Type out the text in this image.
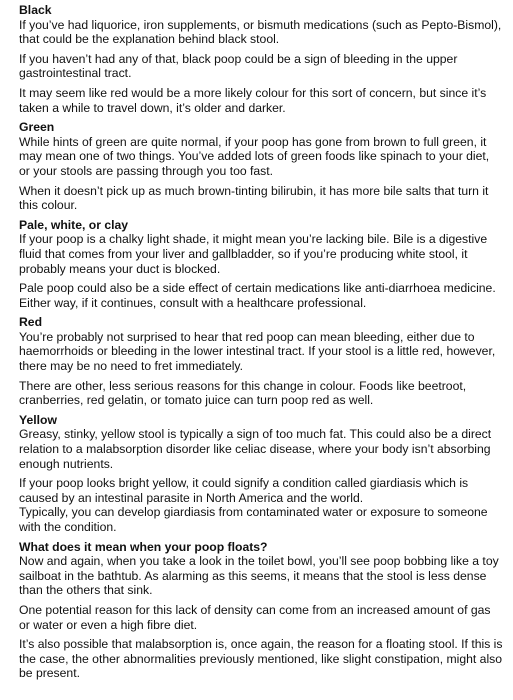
Black

If you’ve had liquorice, iron supplements, or bismuth medications (such as Pepto-Bismol), that could be the explanation behind black stool.

If you haven’t had any of that, black poop could be a sign of bleeding in the upper gastrointestinal tract.

It may seem like red would be a more likely colour for this sort of concern, but since it’s taken a while to travel down, it’s older and darker.

Green

While hints of green are quite normal, if your poop has gone from brown to full green, it may mean one of two things. You’ve added lots of green foods like spinach to your diet, or your stools are passing through you too fast.

When it doesn’t pick up as much brown-tinting bilirubin, it has more bile salts that turn it this colour.

Pale, white, or clay

If your poop is a chalky light shade, it might mean you’re lacking bile. Bile is a digestive fluid that comes from your liver and gallbladder, so if you’re producing white stool, it probably means your duct is blocked.

Pale poop could also be a side effect of certain medications like anti-diarrhoea medicine. Either way, if it continues, consult with a healthcare professional.

Red

You’re probably not surprised to hear that red poop can mean bleeding, either due to haemorrhoids or bleeding in the lower intestinal tract. If your stool is a little red, however, there may be no need to fret immediately.

There are other, less serious reasons for this change in colour. Foods like beetroot, cranberries, red gelatin, or tomato juice can turn poop red as well.

Yellow

Greasy, stinky, yellow stool is typically a sign of too much fat. This could also be a direct relation to a malabsorption disorder like celiac disease, where your body isn’t absorbing enough nutrients.

If your poop looks bright yellow, it could signify a condition called giardiasis which is caused by an intestinal parasite in North America and the world.

Typically, you can develop giardiasis from contaminated water or exposure to someone with the condition.

What does it mean when your poop floats?

Now and again, when you take a look in the toilet bowl, you’ll see poop bobbing like a toy sailboat in the bathtub. As alarming as this seems, it means that the stool is less dense than the others that sink.

One potential reason for this lack of density can come from an increased amount of gas or water or even a high fibre diet.

It’s also possible that malabsorption is, once again, the reason for a floating stool. If this is the case, the other abnormalities previously mentioned, like slight constipation, might also be present.
